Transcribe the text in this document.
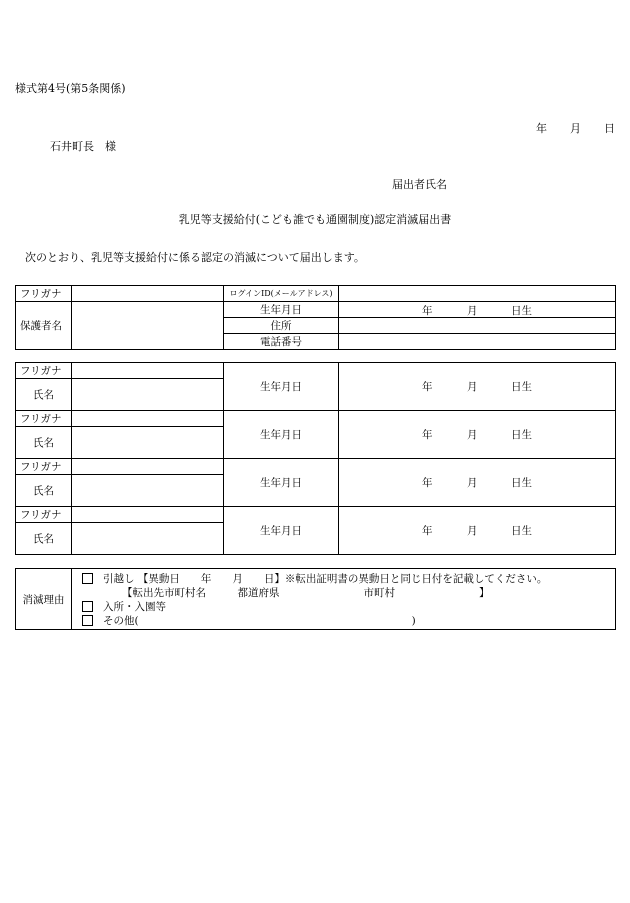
様式第4号(第5条関係)
年 月 日
石井町長　様
届出者氏名
乳児等支援給付(こども誰でも通園制度)認定消滅届出書
次のとおり、乳児等支援給付に係る認定の消滅について届出します。
フリガナ		ログインID(メールアドレス)	
保護者名		生年月日	年 月 日生

		住所	
		電話番号	
フリガナ		生年月日	年 月 日生

氏名			
フリガナ		生年月日	年 月 日生

氏名			
フリガナ		生年月日	年 月 日生

氏名			
フリガナ		生年月日	年 月 日生

氏名			
消滅理由	
引越し 【異動日　　年　　月　　日】※転出証明書の異動日と同じ日付を記載してください。
【転出先市町村名　　　都道府県　　　　　　　　市町村　　　　　　　　】
入所・入園等
その他(　　　　　　　　　　　　　　　　　　　　　　　　　　)
